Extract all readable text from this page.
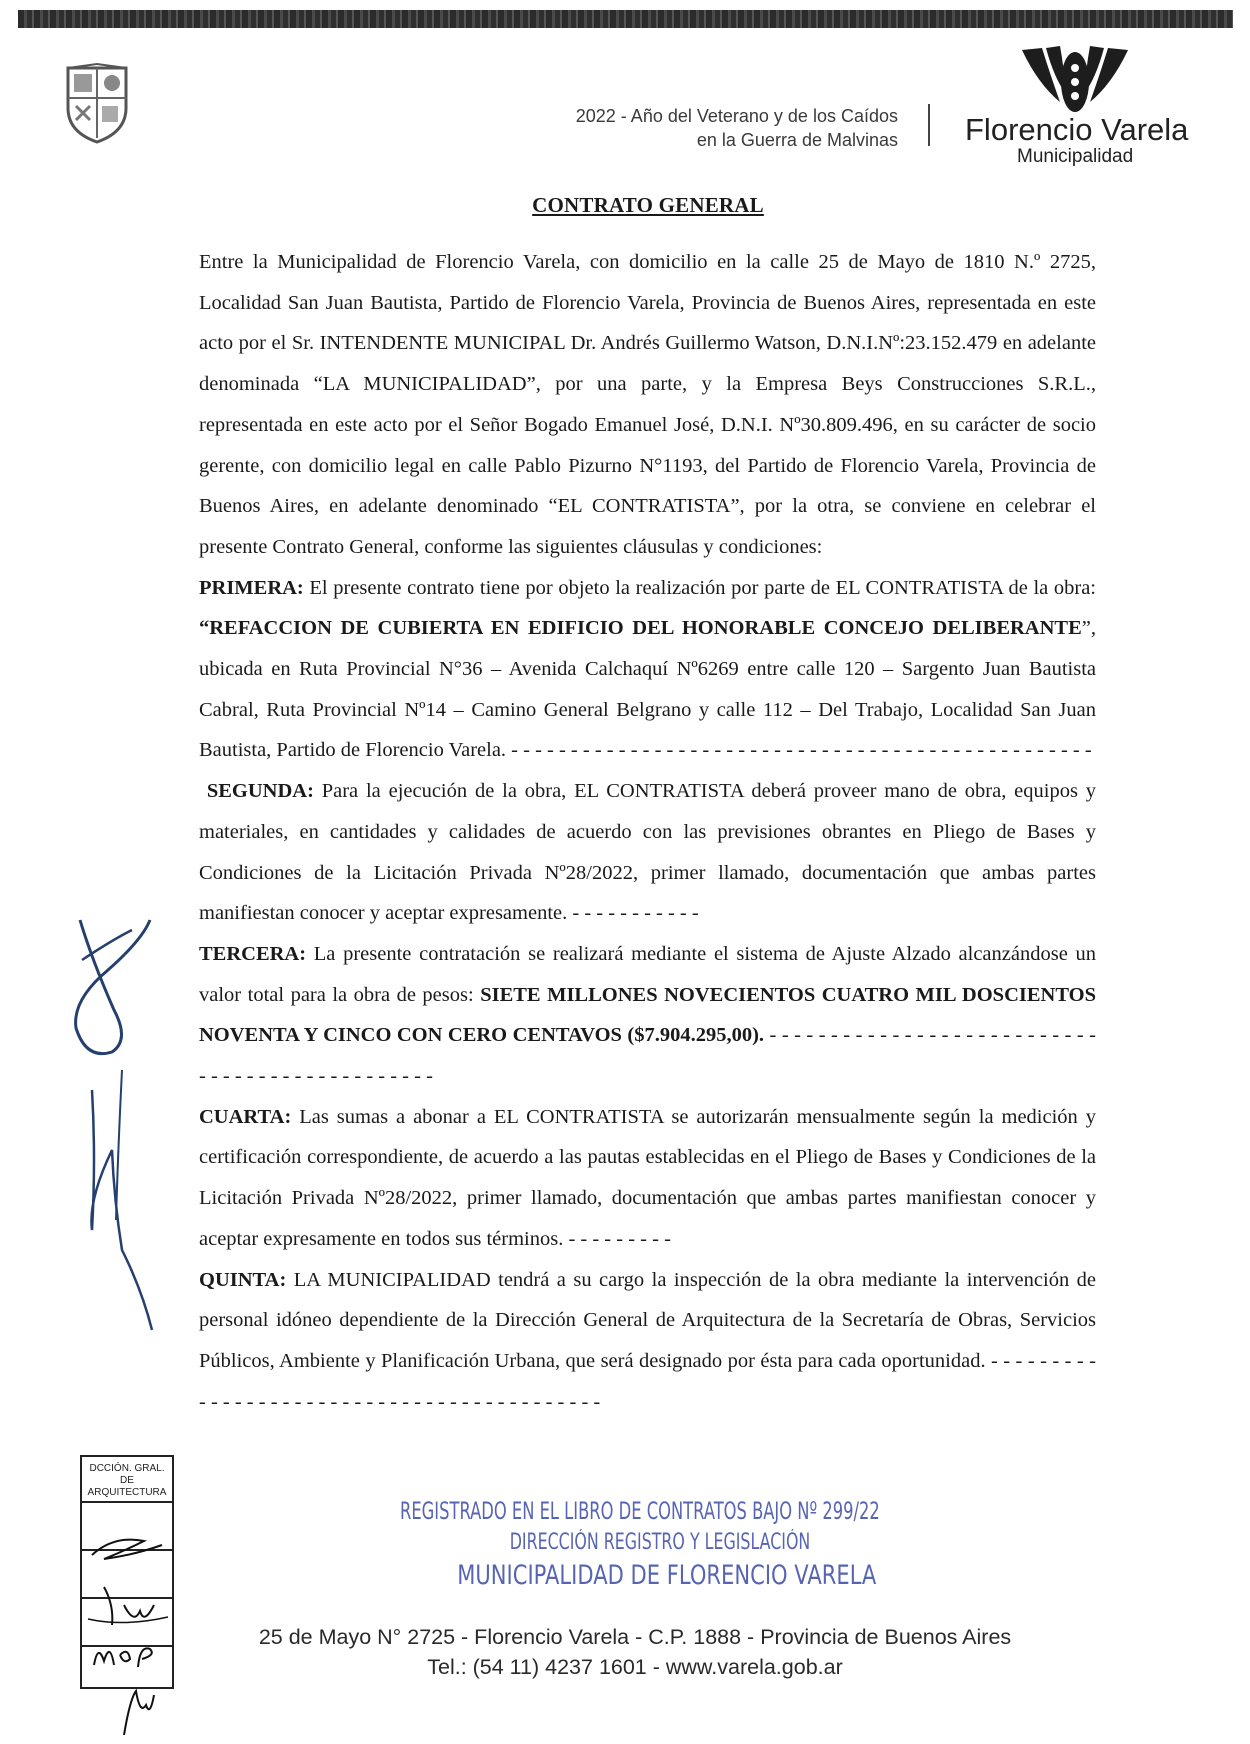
2022 - Año del Veterano y de los Caídos
en la Guerra de Malvinas Florencio Varela
Municipalidad
CONTRATO GENERAL

Entre la Municipalidad de Florencio Varela, con domicilio en la calle 25 de Mayo de 1810 N.º 2725, Localidad San Juan Bautista, Partido de Florencio Varela, Provincia de Buenos Aires, representada en este acto por el Sr. INTENDENTE MUNICIPAL Dr. Andrés Guillermo Watson, D.N.I.Nº:23.152.479 en adelante denominada “LA MUNICIPALIDAD”, por una parte, y la Empresa Beys Construcciones S.R.L., representada en este acto por el Señor Bogado Emanuel José, D.N.I. Nº30.809.496, en su carácter de socio gerente, con domicilio legal en calle Pablo Pizurno N°1193, del Partido de Florencio Varela, Provincia de Buenos Aires, en adelante denominado “EL CONTRATISTA”, por la otra, se conviene en celebrar el presente Contrato General, conforme las siguientes cláusulas y condiciones:

PRIMERA: El presente contrato tiene por objeto la realización por parte de EL CONTRATISTA de la obra: “REFACCION DE CUBIERTA EN EDIFICIO DEL HONORABLE CONCEJO DELIBERANTE”, ubicada en Ruta Provincial N°36 – Avenida Calchaquí Nº6269 entre calle 120 – Sargento Juan Bautista Cabral, Ruta Provincial Nº14 – Camino General Belgrano y calle 112 – Del Trabajo, Localidad San Juan Bautista, Partido de Florencio Varela. - - - - - - - - - - - - - - - - - - - - - - - - - - - - - - - - - - - - - - - - - - - - - - - - -

SEGUNDA: Para la ejecución de la obra, EL CONTRATISTA deberá proveer mano de obra, equipos y materiales, en cantidades y calidades de acuerdo con las previsiones obrantes en Pliego de Bases y Condiciones de la Licitación Privada Nº28/2022, primer llamado, documentación que ambas partes manifiestan conocer y aceptar expresamente. - - - - - - - - - - -

TERCERA: La presente contratación se realizará mediante el sistema de Ajuste Alzado alcanzándose un valor total para la obra de pesos: SIETE MILLONES NOVECIENTOS CUATRO MIL DOSCIENTOS NOVENTA Y CINCO CON CERO CENTAVOS ($7.904.295,00). - - - - - - - - - - - - - - - - - - - - - - - - - - - - - - - - - - - - - - - - - - - - - - -

CUARTA: Las sumas a abonar a EL CONTRATISTA se autorizarán mensualmente según la medición y certificación correspondiente, de acuerdo a las pautas establecidas en el Pliego de Bases y Condiciones de la Licitación Privada Nº28/2022, primer llamado, documentación que ambas partes manifiestan conocer y aceptar expresamente en todos sus términos. - - - - - - - - -

QUINTA: LA MUNICIPALIDAD tendrá a su cargo la inspección de la obra mediante la intervención de personal idóneo dependiente de la Dirección General de Arquitectura de la Secretaría de Obras, Servicios Públicos, Ambiente y Planificación Urbana, que será designado por ésta para cada oportunidad. - - - - - - - - - - - - - - - - - - - - - - - - - - - - - - - - - - - - - - - - - - -

DCCIÓN. GRAL.
DE ARQUITECTURA
REGISTRADO EN EL LIBRO DE CONTRATOS BAJO Nº 299/22
DIRECCIÓN REGISTRO Y LEGISLACIÓN
MUNICIPALIDAD DE FLORENCIO VARELA
25 de Mayo N° 2725 - Florencio Varela - C.P. 1888 - Provincia de Buenos Aires
Tel.: (54 11) 4237 1601 - www.varela.gob.ar
